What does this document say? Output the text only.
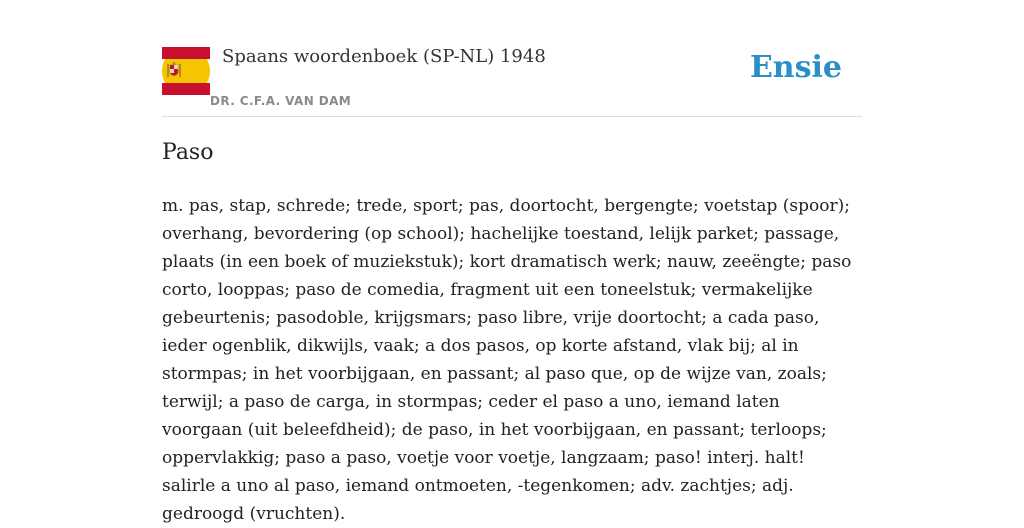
Spaans woordenboek (SP-NL) 1948
DR. C.F.A. VAN DAM
Ensie
Paso

m. pas, stap, schrede; trede, sport; pas, doortocht, bergengte; voetstap (spoor); overhang, bevordering (op school); hachelijke toestand, lelijk parket; passage, plaats (in een boek of muziekstuk); kort dramatisch werk; nauw, zeeëngte; paso corto, looppas; paso de comedia, fragment uit een toneelstuk; vermakelijke gebeurtenis; pasodoble, krijgsmars; paso libre, vrije doortocht; a cada paso, ieder ogenblik, dikwijls, vaak; a dos pasos, op korte afstand, vlak bij; al in stormpas; in het voorbijgaan, en passant; al paso que, op de wijze van, zoals; terwijl; a paso de carga, in stormpas; ceder el paso a uno, iemand laten voorgaan (uit beleefdheid); de paso, in het voorbijgaan, en passant; terloops; oppervlakkig; paso a paso, voetje voor voetje, langzaam; paso! interj. halt! salirle a uno al paso, iemand ontmoeten, -tegenkomen; adv. zachtjes; adj. gedroogd (vruchten).
